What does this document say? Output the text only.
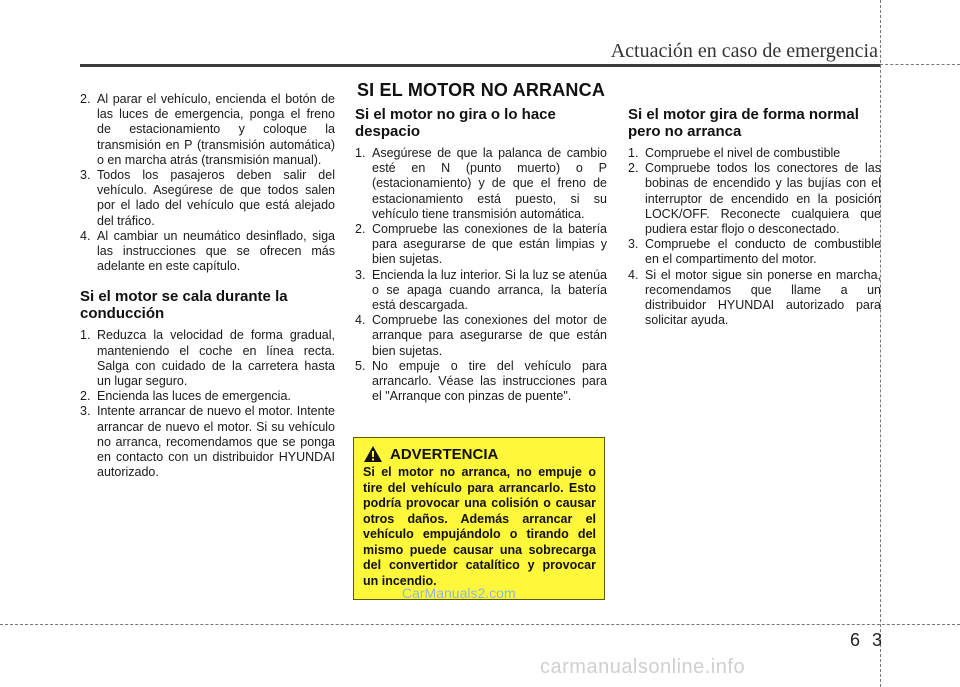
Actuación en caso de emergencia
SI EL MOTOR NO ARRANCA
2. Al parar el vehículo, encienda el botón de las luces de emergencia, ponga el freno de estacionamiento y coloque la transmisión en P (transmisión automática) o en marcha atrás (transmisión manual).
3. Todos los pasajeros deben salir del vehículo. Asegúrese de que todos salen por el lado del vehículo que está alejado del tráfico.
4. Al cambiar un neumático desinflado, siga las instrucciones que se ofrecen más adelante en este capítulo.
Si el motor se cala durante la conducción
1. Reduzca la velocidad de forma gradual, manteniendo el coche en línea recta. Salga con cuidado de la carretera hasta un lugar seguro.
2. Encienda las luces de emergencia.
3. Intente arrancar de nuevo el motor. Intente arrancar de nuevo el motor. Si su vehículo no arranca, recomendamos que se ponga en contacto con un distribuidor HYUNDAI autorizado.
Si el motor no gira o lo hace despacio
1. Asegúrese de que la palanca de cambio esté en N (punto muerto) o P (estacionamiento) y de que el freno de estacionamiento está puesto, si su vehículo tiene transmisión automática.
2. Compruebe las conexiones de la batería para asegurarse de que están limpias y bien sujetas.
3. Encienda la luz interior. Si la luz se atenúa o se apaga cuando arranca, la batería está descargada.
4. Compruebe las conexiones del motor de arranque para asegurarse de que están bien sujetas.
5. No empuje o tire del vehículo para arrancarlo. Véase las instrucciones para el "Arranque con pinzas de puente".
ADVERTENCIA
Si el motor no arranca, no empuje o tire del vehículo para arrancarlo. Esto podría provocar una colisión o causar otros daños. Además arrancar el vehículo empujándolo o tirando del mismo puede causar una sobrecarga del convertidor catalítico y provocar un incendio.
Si el motor gira de forma normal pero no arranca
1. Compruebe el nivel de combustible
2. Compruebe todos los conectores de las bobinas de encendido y las bujías con el interruptor de encendido en la posición LOCK/OFF. Reconecte cualquiera que pudiera estar flojo o desconectado.
3. Compruebe el conducto de combustible en el compartimento del motor.
4. Si el motor sigue sin ponerse en marcha, recomendamos que llame a un distribuidor HYUNDAI autorizado para solicitar ayuda.
CarManuals2.com
63
carmanualsonline.info
